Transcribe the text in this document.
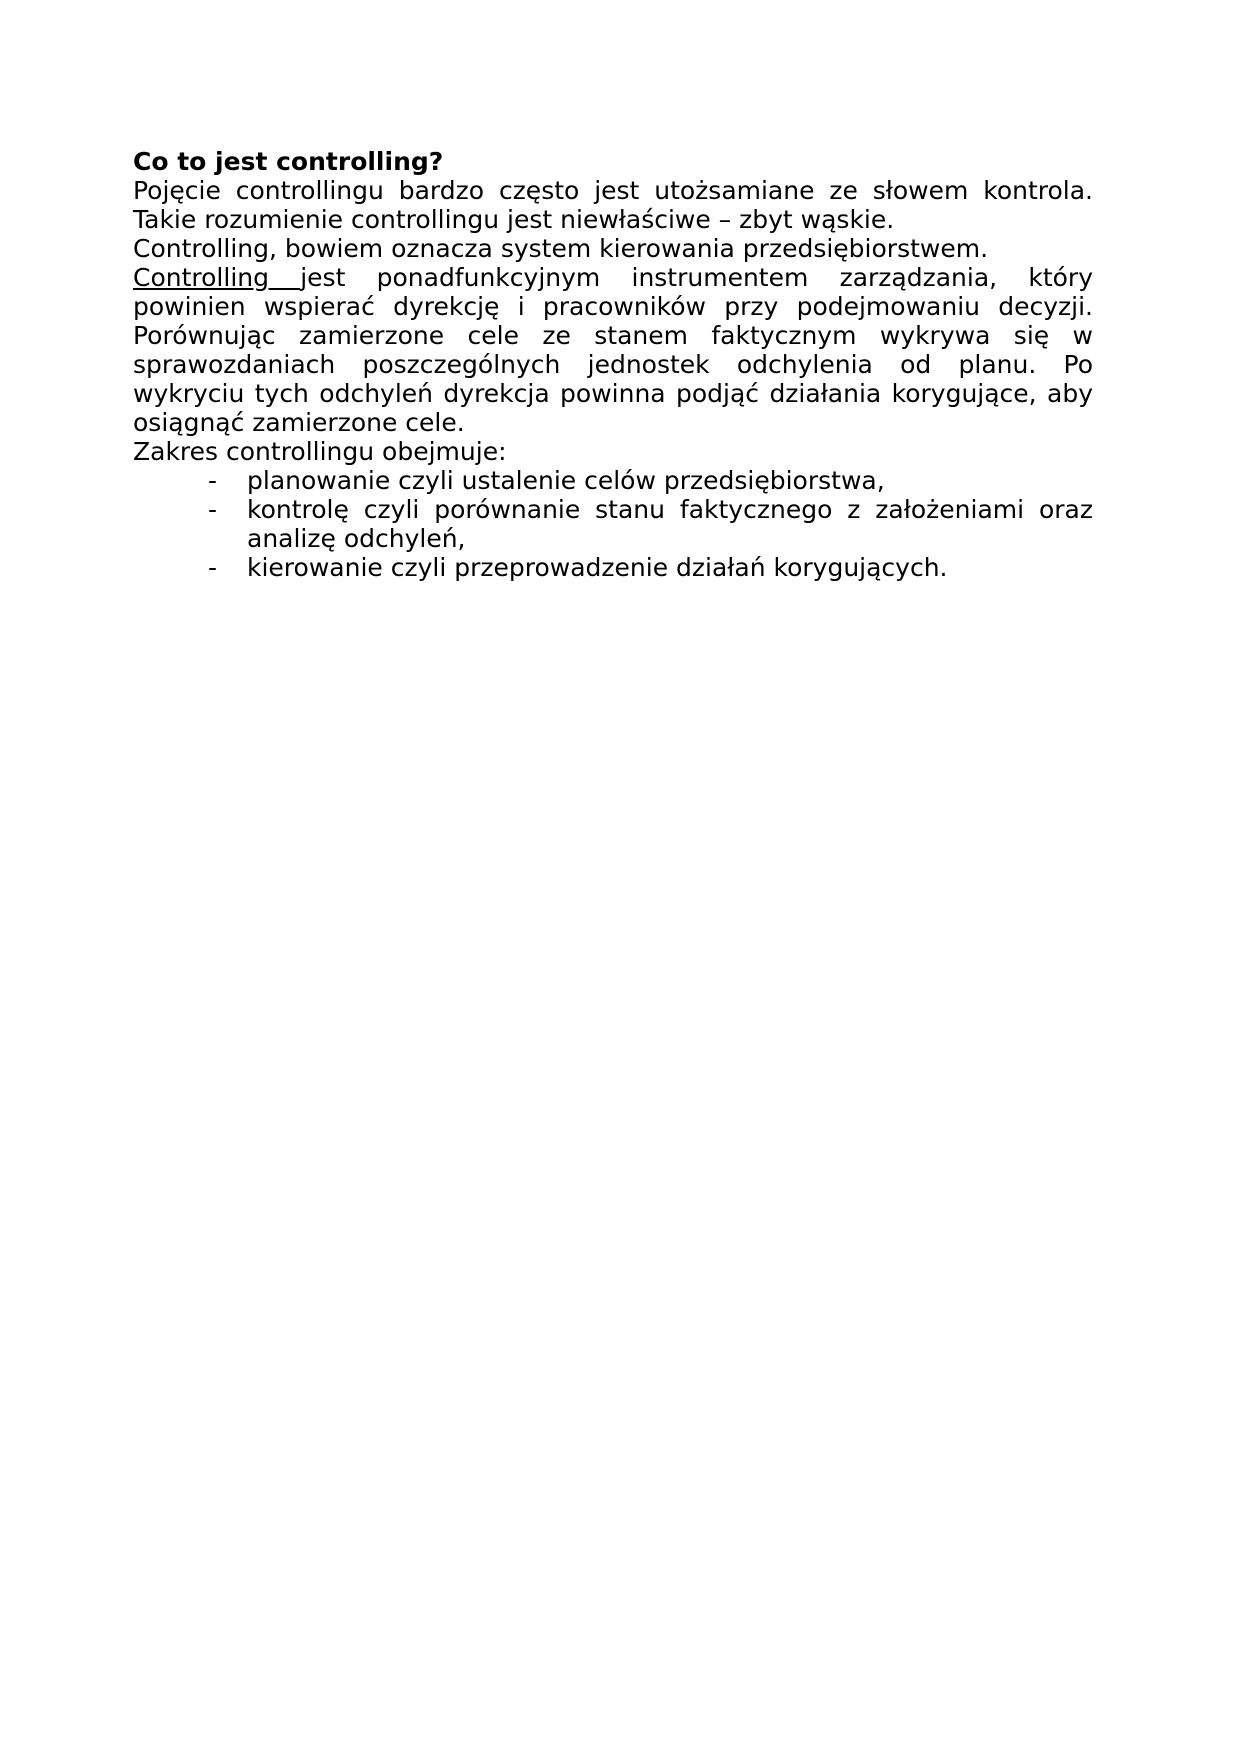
Co to jest controlling?
Pojęcie controllingu bardzo często jest utożsamiane ze słowem kontrola.
Takie rozumienie controllingu jest niewłaściwe – zbyt wąskie.
Controlling, bowiem oznacza system kierowania przedsiębiorstwem.
Controlling jest ponadfunkcyjnym instrumentem zarządzania, który
powinien wspierać dyrekcję i pracowników przy podejmowaniu decyzji.
Porównując zamierzone cele ze stanem faktycznym wykrywa się w
sprawozdaniach poszczególnych jednostek odchylenia od planu. Po
wykryciu tych odchyleń dyrekcja powinna podjąć działania korygujące, aby
osiągnąć zamierzone cele.
Zakres controllingu obejmuje:
- planowanie czyli ustalenie celów przedsiębiorstwa,
- kontrolę czyli porównanie stanu faktycznego z założeniami oraz
analizę odchyleń,
- kierowanie czyli przeprowadzenie działań korygujących.
